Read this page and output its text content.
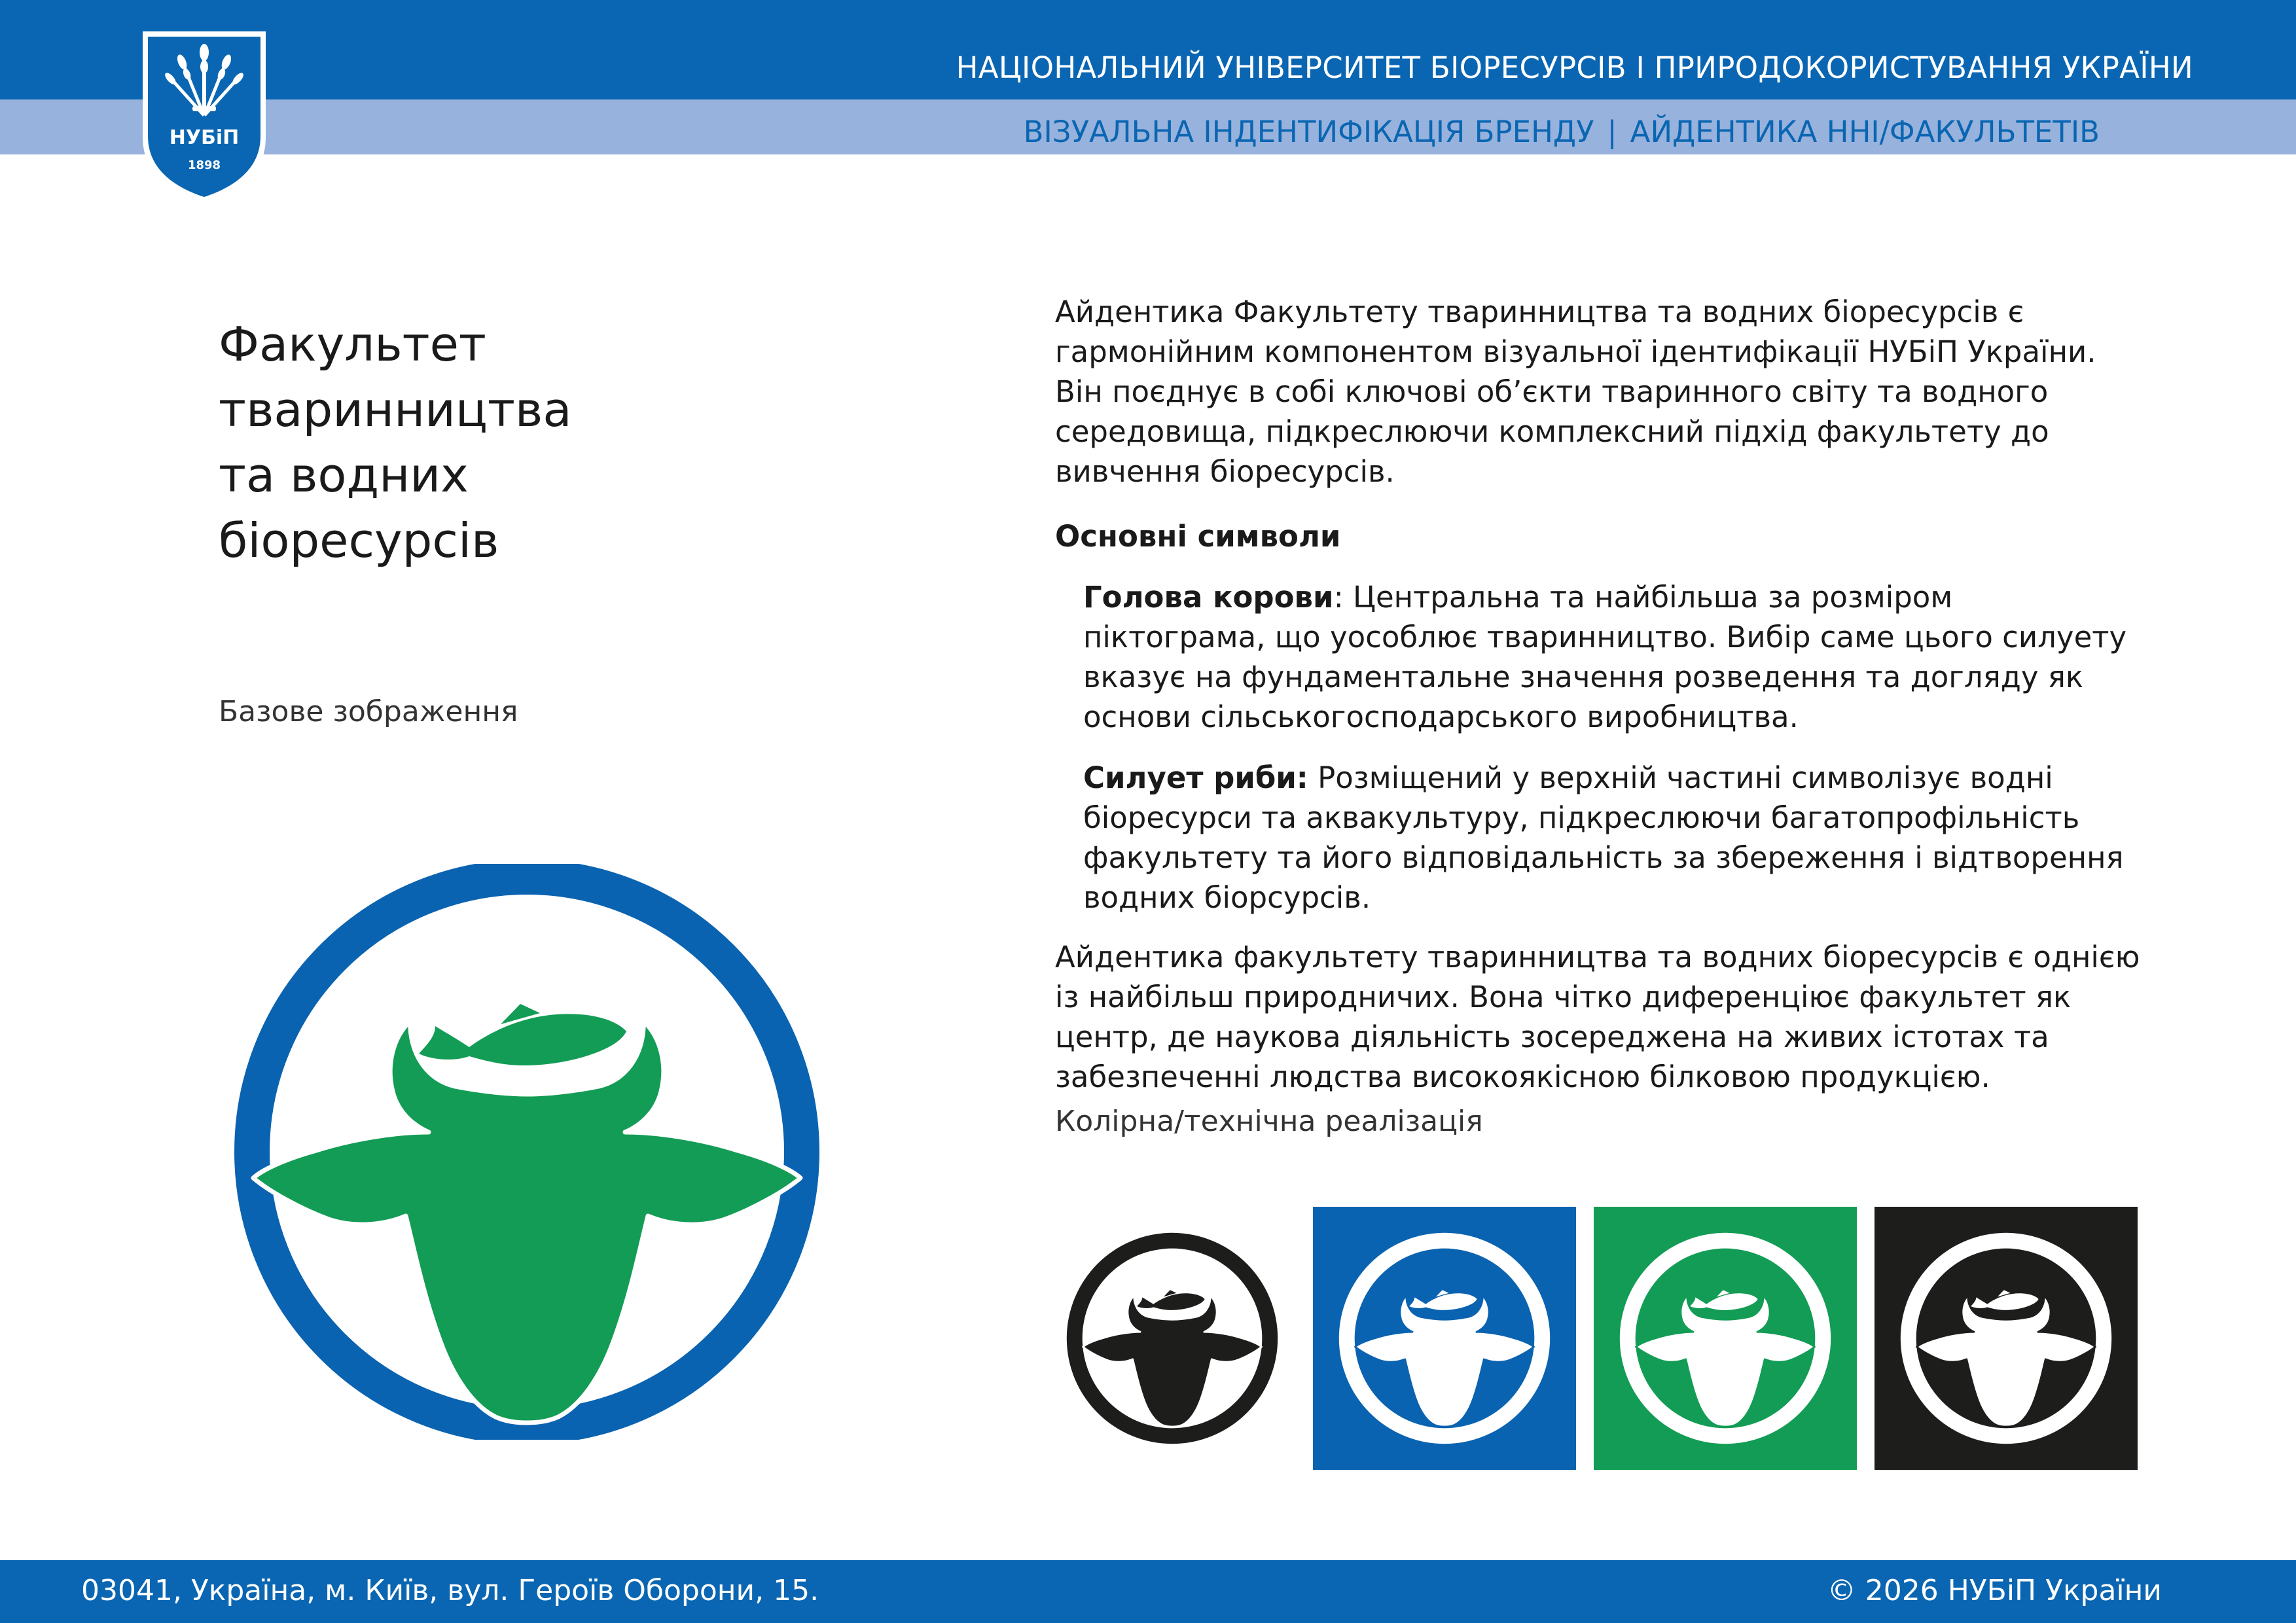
НАЦІОНАЛЬНИЙ УНІВЕРСИТЕТ БІОРЕСУРСІВ І ПРИРОДОКОРИСТУВАННЯ УКРАЇНИ
ВІЗУАЛЬНА ІНДЕНТИФІКАЦІЯ БРЕНДУ | АЙДЕНТИКА ННІ/ФАКУЛЬТЕТІВ
НУБіП
1898
Факультет
тваринництва
та водних
біоресурсів
Базове зображення

Айдентика Факультету тваринництва та водних біоресурсів є гармонійним компонентом візуальної ідентифікації НУБіП України. Він поєднує в собі ключові об’єкти тваринного світу та водного середовища, підкреслюючи комплексний підхід факультету до вивчення біоресурсів.

Основні символи

Голова корови: Центральна та найбільша за розміром піктограма, що уособлює тваринництво. Вибір саме цього силуету вказує на фундаментальне значення розведення та догляду як основи сільськогосподарського виробництва.

Силует риби: Розміщений у верхній частині символізує водні біоресурси та аквакультуру, підкреслюючи багатопрофільність факультету та його відповідальність за збереження і відтворення водних біорсурсів.

Айдентика факультету тваринництва та водних біоресурсів є однією із найбільш природничих. Вона чітко диференціює факультет як центр, де наукова діяльність зосереджена на живих істотах та забезпеченні людства високоякісною білковою продукцією.

Колірна/технічна реалізація
03041, Україна, м. Київ, вул. Героїв Оборони, 15.	© 2026 НУБіП України
